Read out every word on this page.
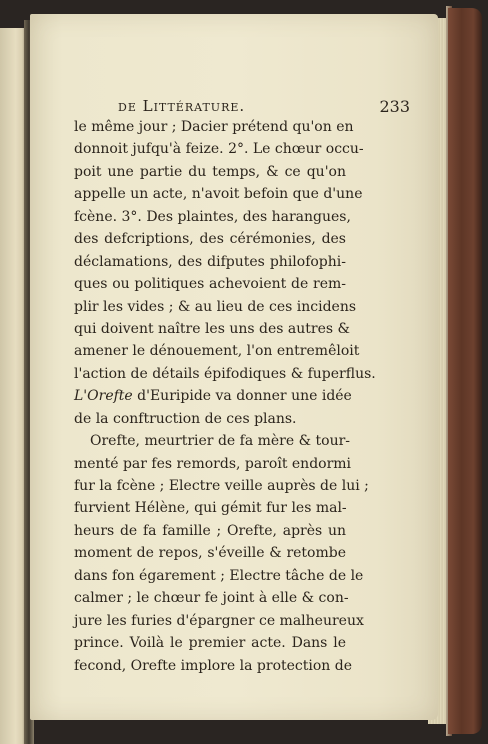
de Littérature.	233
le même jour ; Dacier prétend qu'on en
donnoit jufqu'à feize. 2°. Le chœur occu-
poit une partie du temps, & ce qu'on
appelle un acte, n'avoit befoin que d'une
fcène. 3°. Des plaintes, des harangues,
des defcriptions, des cérémonies, des
déclamations, des difputes philofophi-
ques ou politiques achevoient de rem-
plir les vides ; & au lieu de ces incidens
qui doivent naître les uns des autres &
amener le dénouement, l'on entremêloit
l'action de détails épifodiques & fuperflus.
L'Orefte d'Euripide va donner une idée
de la conftruction de ces plans.
Orefte, meurtrier de fa mère & tour-
menté par fes remords, paroît endormi
fur la fcène ; Electre veille auprès de lui ;
furvient Hélène, qui gémit fur les mal-
heurs de fa famille ; Orefte, après un
moment de repos, s'éveille & retombe
dans fon égarement ; Electre tâche de le
calmer ; le chœur fe joint à elle & con-
jure les furies d'épargner ce malheureux
prince. Voilà le premier acte. Dans le
fecond, Orefte implore la protection de
